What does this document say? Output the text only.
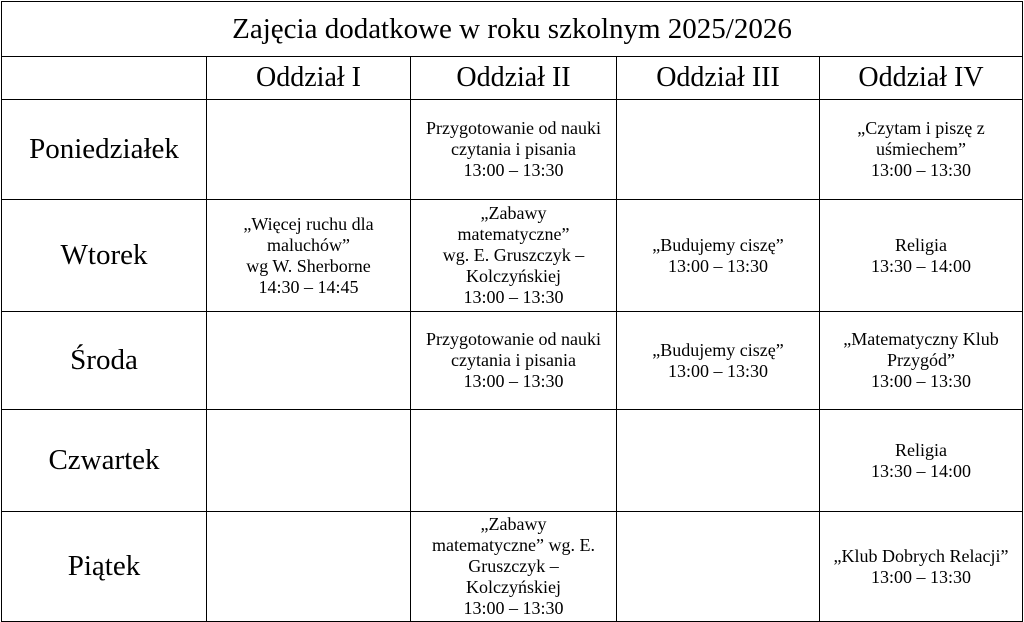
Zajęcia dodatkowe w roku szkolnym 2025/2026				
	Oddział I	Oddział II	Oddział III	Oddział IV
Poniedziałek		Przygotowanie od nauki
czytania i pisania
13:00 – 13:30		„Czytam i piszę z
uśmiechem”
13:00 – 13:30

Wtorek	„Więcej ruchu dla
maluchów”
wg W. Sherborne
14:30 – 14:45	„Zabawy
matematyczne”
wg. E. Gruszczyk –
Kolczyńskiej
13:00 – 13:30	„Budujemy ciszę”
13:00 – 13:30	Religia
13:30 – 14:00

Środa		Przygotowanie od nauki
czytania i pisania
13:00 – 13:30	„Budujemy ciszę”
13:00 – 13:30	„Matematyczny Klub
Przygód”
13:00 – 13:30

Czwartek				Religia
13:30 – 14:00

Piątek		„Zabawy
matematyczne” wg. E.
Gruszczyk –
Kolczyńskiej
13:00 – 13:30		„Klub Dobrych Relacji”
13:00 – 13:30
